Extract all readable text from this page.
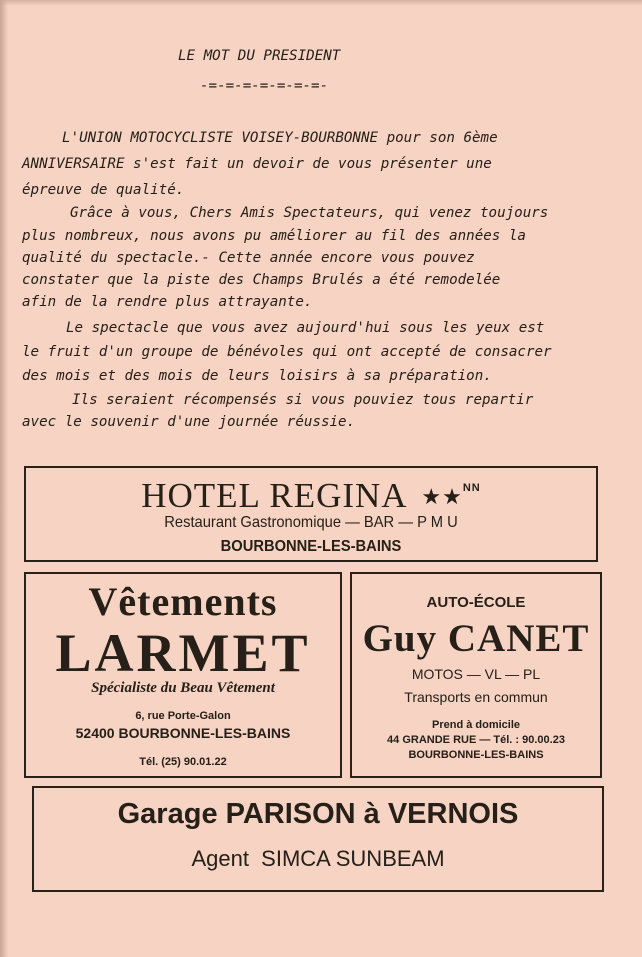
LE MOT DU PRESIDENT
-=-=-=-=-=-=-=-
L'UNION MOTOCYCLISTE VOISEY-BOURBONNE pour son 6ème
ANNIVERSAIRE s'est fait un devoir de vous présenter une
épreuve de qualité.
Grâce à vous, Chers Amis Spectateurs, qui venez toujours
plus nombreux, nous avons pu améliorer au fil des années la
qualité du spectacle.- Cette année encore vous pouvez
constater que la piste des Champs Brulés a été remodelée
afin de la rendre plus attrayante.
Le spectacle que vous avez aujourd'hui sous les yeux est
le fruit d'un groupe de bénévoles qui ont accepté de consacrer
des mois et des mois de leurs loisirs à sa préparation.
Ils seraient récompensés si vous pouviez tous repartir
avec le souvenir d'une journée réussie.
HOTEL REGINA ★★$^{NN}$
Restaurant Gastronomique — BAR — P M U
BOURBONNE-LES-BAINS
Vêtements
LARMET
Spécialiste du Beau Vêtement
6, rue Porte-Galon
52400 BOURBONNE-LES-BAINS
Tél. (25) 90.01.22
AUTO-ÉCOLE
Guy CANET
MOTOS — VL — PL
Transports en commun
Prend à domicile
44 GRANDE RUE — Tél. : 90.00.23
BOURBONNE-LES-BAINS
Garage PARISON à VERNOIS
Agent  SIMCA SUNBEAM
